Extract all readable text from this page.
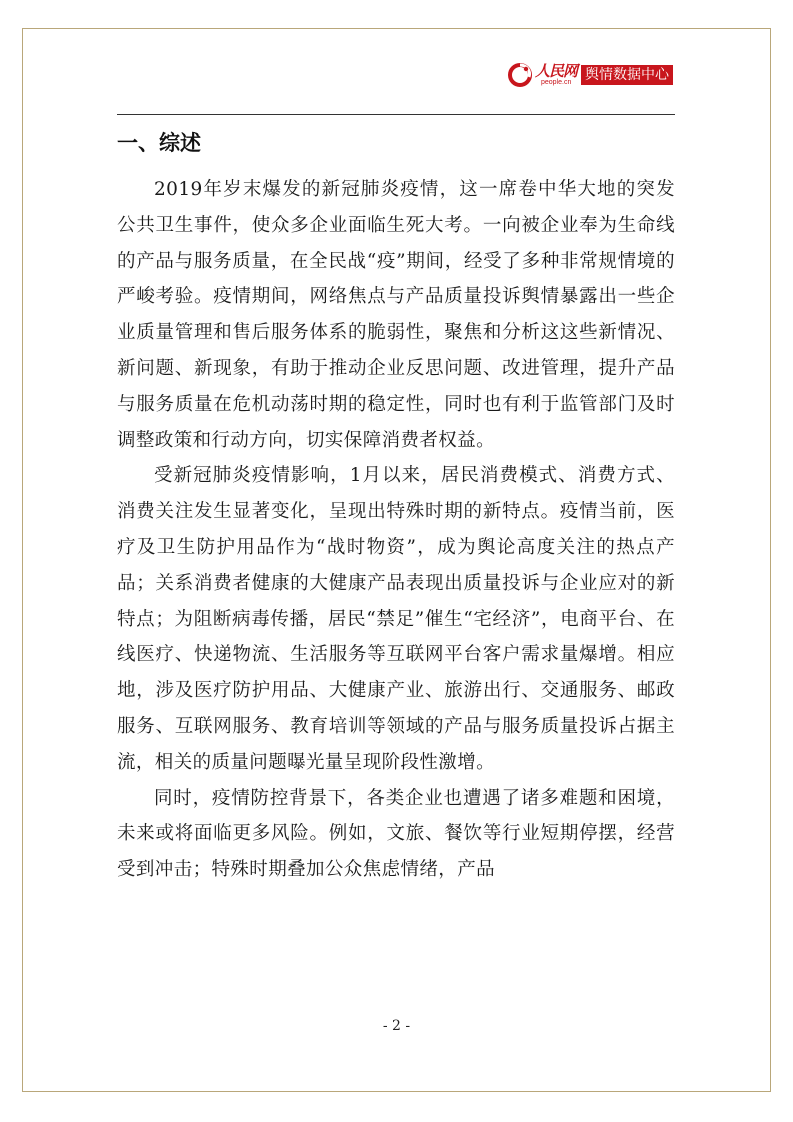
人民网
people.cn 舆情数据中心
一、综述

2019年岁末爆发的新冠肺炎疫情，这一席卷中华大地的突发公共卫生事件，使众多企业面临生死大考。一向被企业奉为生命线的产品与服务质量，在全民战“疫”期间，经受了多种非常规情境的严峻考验。疫情期间，网络焦点与产品质量投诉舆情暴露出一些企业质量管理和售后服务体系的脆弱性，聚焦和分析这这些新情况、新问题、新现象，有助于推动企业反思问题、改进管理，提升产品与服务质量在危机动荡时期的稳定性，同时也有利于监管部门及时调整政策和行动方向，切实保障消费者权益。

受新冠肺炎疫情影响，1月以来，居民消费模式、消费方式、消费关注发生显著变化，呈现出特殊时期的新特点。疫情当前，医疗及卫生防护用品作为“战时物资”，成为舆论高度关注的热点产品；关系消费者健康的大健康产品表现出质量投诉与企业应对的新特点；为阻断病毒传播，居民“禁足”催生“宅经济”，电商平台、在线医疗、快递物流、生活服务等互联网平台客户需求量爆增。相应地，涉及医疗防护用品、大健康产业、旅游出行、交通服务、邮政服务、互联网服务、教育培训等领域的产品与服务质量投诉占据主流，相关的质量问题曝光量呈现阶段性激增。

同时，疫情防控背景下，各类企业也遭遇了诸多难题和困境，未来或将面临更多风险。例如，文旅、餐饮等行业短期停摆，经营受到冲击；特殊时期叠加公众焦虑情绪，产品

- 2 -
